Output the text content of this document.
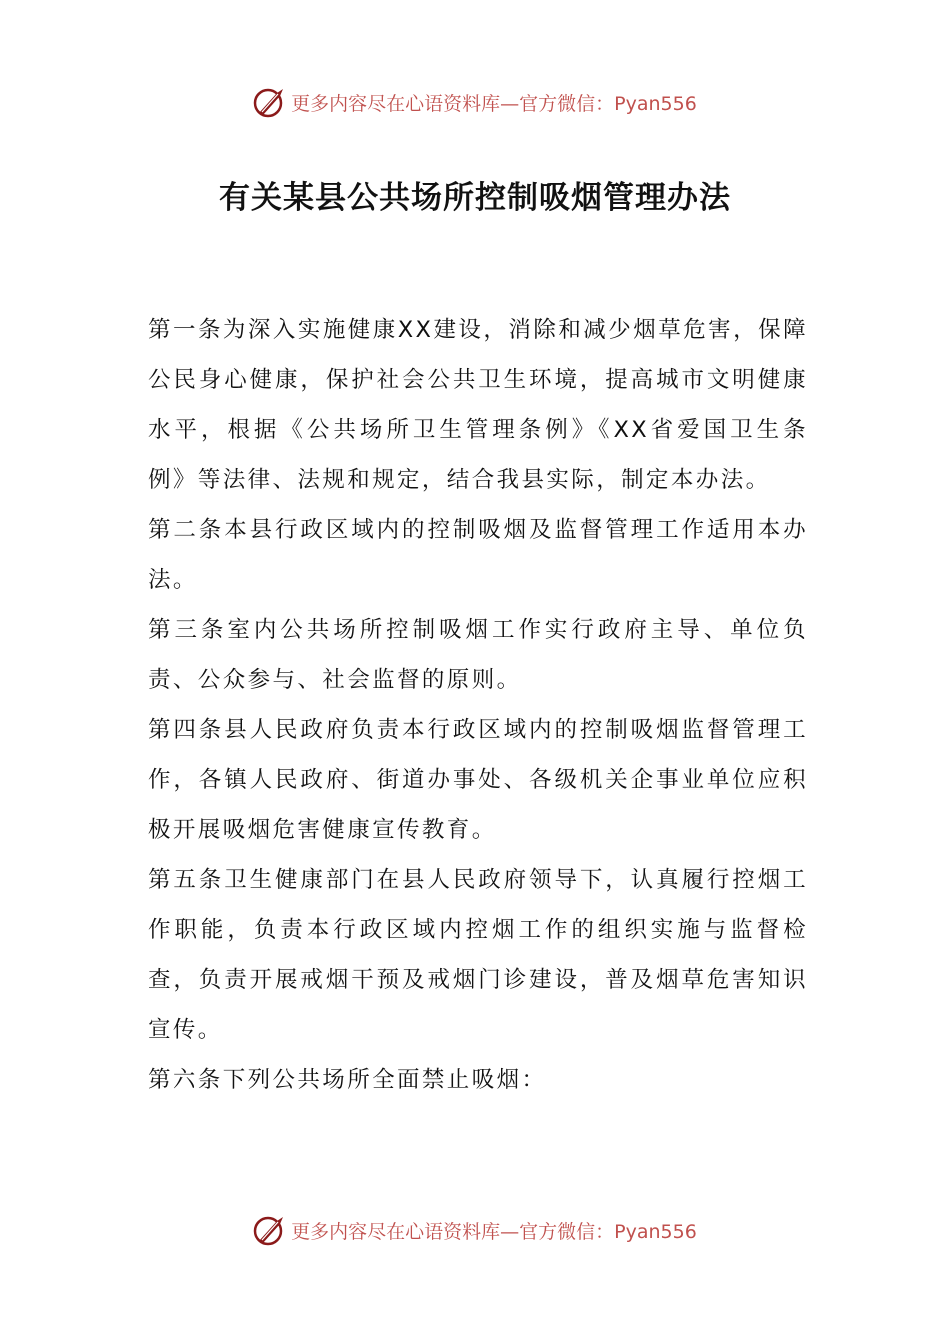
更多内容尽在心语资料库—官方微信：Pyan556
有关某县公共场所控制吸烟管理办法

第一条为深入实施健康XX建设，消除和减少烟草危害，保障公民身心健康，保护社会公共卫生环境，提高城市文明健康水平，根据《公共场所卫生管理条例》《XX省爱国卫生条例》等法律、法规和规定，结合我县实际，制定本办法。

第二条本县行政区域内的控制吸烟及监督管理工作适用本办法。

第三条室内公共场所控制吸烟工作实行政府主导、单位负责、公众参与、社会监督的原则。

第四条县人民政府负责本行政区域内的控制吸烟监督管理工作，各镇人民政府、街道办事处、各级机关企事业单位应积极开展吸烟危害健康宣传教育。

第五条卫生健康部门在县人民政府领导下，认真履行控烟工作职能，负责本行政区域内控烟工作的组织实施与监督检查，负责开展戒烟干预及戒烟门诊建设，普及烟草危害知识宣传。

第六条下列公共场所全面禁止吸烟：

更多内容尽在心语资料库—官方微信：Pyan556
